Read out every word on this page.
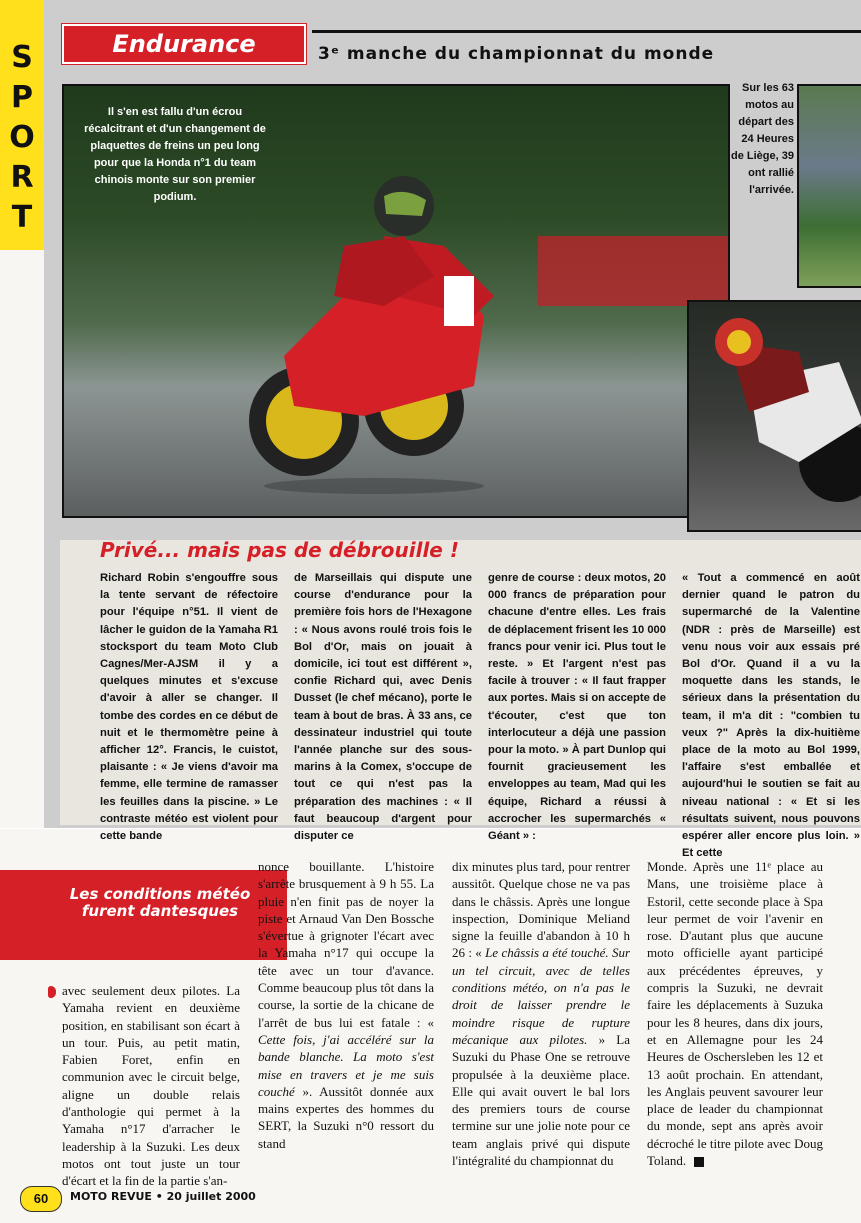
S
P
O
R
T
Endurance	3ᵉ manche du championnat du monde
Il s'en est fallu d'un écrou récalcitrant et d'un changement de plaquettes de freins un peu long pour que la Honda n°1 du team chinois monte sur son premier podium.
Sur les 63 motos au départ des 24 Heures de Liège, 39 ont rallié l'arrivée.
Privé... mais pas de débrouille !
Richard Robin s'engouffre sous la tente servant de réfectoire pour l'équipe n°51. Il vient de lâcher le guidon de la Yamaha R1 stocksport du team Moto Club Cagnes/Mer-AJSM il y a quelques minutes et s'excuse d'avoir à aller se changer. Il tombe des cordes en ce début de nuit et le thermomètre peine à afficher 12°. Francis, le cuistot, plaisante : « Je viens d'avoir ma femme, elle termine de ramasser les feuilles dans la piscine. » Le contraste météo est violent pour cette bande
de Marseillais qui dispute une course d'endurance pour la première fois hors de l'Hexagone : « Nous avons roulé trois fois le Bol d'Or, mais on jouait à domicile, ici tout est différent », confie Richard qui, avec Denis Dusset (le chef mécano), porte le team à bout de bras. À 33 ans, ce dessinateur industriel qui toute l'année planche sur des sous-marins à la Comex, s'occupe de tout ce qui n'est pas la préparation des machines : « Il faut beaucoup d'argent pour disputer ce
genre de course : deux motos, 20 000 francs de préparation pour chacune d'entre elles. Les frais de déplacement frisent les 10 000 francs pour venir ici. Plus tout le reste. » Et l'argent n'est pas facile à trouver : « Il faut frapper aux portes. Mais si on accepte de t'écouter, c'est que ton interlocuteur a déjà une passion pour la moto. » À part Dunlop qui fournit gracieusement les enveloppes au team, Mad qui les équipe, Richard a réussi à accrocher les supermarchés « Géant » :
« Tout a commencé en août dernier quand le patron du supermarché de la Valentine (NDR : près de Marseille) est venu nous voir aux essais pré Bol d'Or. Quand il a vu la moquette dans les stands, le sérieux dans la présentation du team, il m'a dit : "combien tu veux ?" Après la dix-huitième place de la moto au Bol 1999, l'affaire s'est emballée et aujourd'hui le soutien se fait au niveau national : « Et si les résultats suivent, nous pouvons espérer aller encore plus loin. » Et cette
Les conditions météo furent dantesques
avec seulement deux pilotes. La Yamaha revient en deuxième position, en stabilisant son écart à un tour. Puis, au petit matin, Fabien Foret, enfin en communion avec le circuit belge, aligne un double relais d'anthologie qui permet à la Yamaha n°17 d'arracher le leadership à la Suzuki. Les deux motos ont tout juste un tour d'écart et la fin de la partie s'an-
nonce bouillante. L'histoire s'arrête brusquement à 9 h 55. La pluie n'en finit pas de noyer la piste et Arnaud Van Den Bossche s'évertue à grignoter l'écart avec la Yamaha n°17 qui occupe la tête avec un tour d'avance. Comme beaucoup plus tôt dans la course, la sortie de la chicane de l'arrêt de bus lui est fatale : « Cette fois, j'ai accéléré sur la bande blanche. La moto s'est mise en travers et je me suis couché ». Aussitôt donnée aux mains expertes des hommes du SERT, la Suzuki n°0 ressort du stand
dix minutes plus tard, pour rentrer aussitôt. Quelque chose ne va pas dans le châssis. Après une longue inspection, Dominique Meliand signe la feuille d'abandon à 10 h 26 : « Le châssis a été touché. Sur un tel circuit, avec de telles conditions météo, on n'a pas le droit de laisser prendre le moindre risque de rupture mécanique aux pilotes. » La Suzuki du Phase One se retrouve propulsée à la deuxième place. Elle qui avait ouvert le bal lors des premiers tours de course termine sur une jolie note pour ce team anglais privé qui dispute l'intégralité du championnat du
Monde. Après une 11ᵉ place au Mans, une troisième place à Estoril, cette seconde place à Spa leur permet de voir l'avenir en rose. D'autant plus que aucune moto officielle ayant participé aux précédentes épreuves, y compris la Suzuki, ne devrait faire les déplacements à Suzuka pour les 8 heures, dans dix jours, et en Allemagne pour les 24 Heures de Oschersleben les 12 et 13 août prochain. En attendant, les Anglais peuvent savourer leur place de leader du championnat du monde, sept ans après avoir décroché le titre pilote avec Doug Toland.
60	MOTO REVUE • 20 juillet 2000
